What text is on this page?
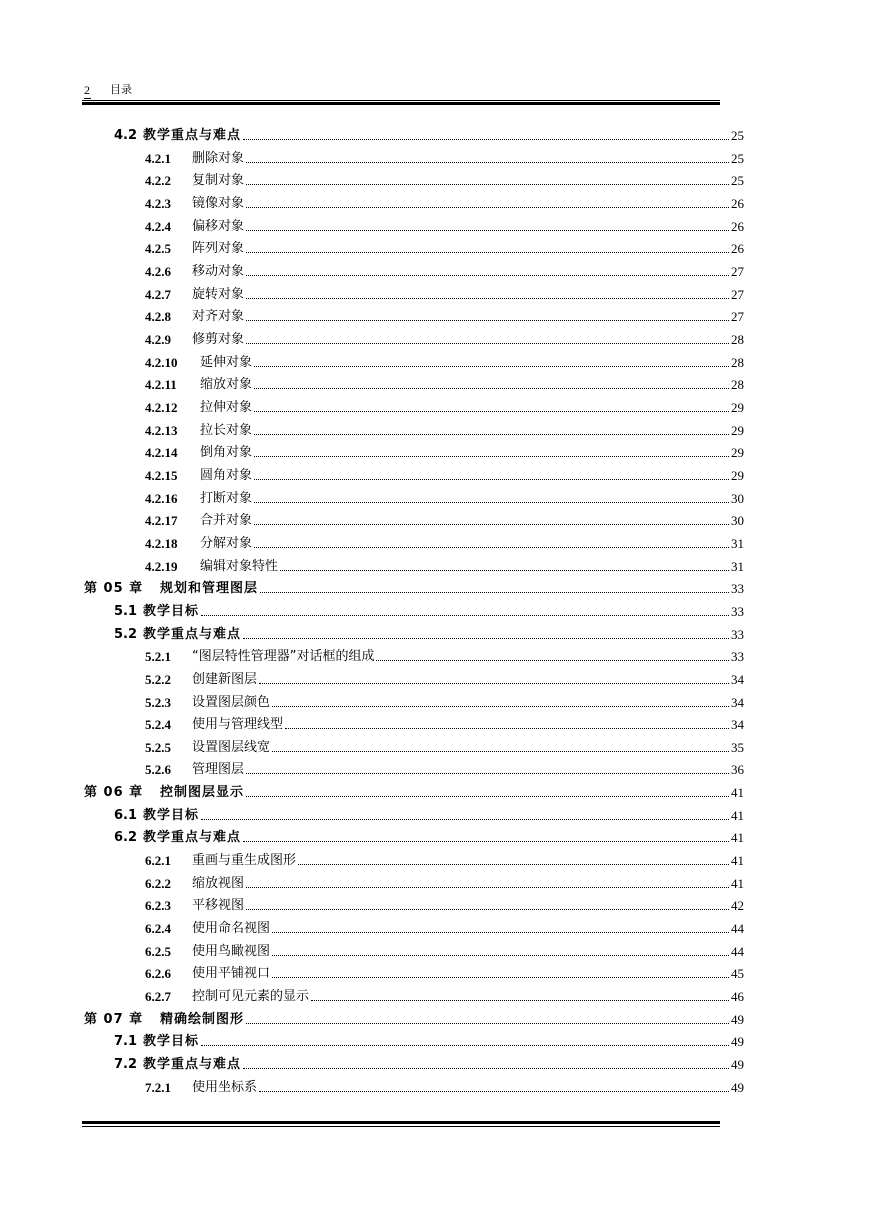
2 目录
4.2 教学重点与难点	25
4.2.1	删除对象	25
4.2.2	复制对象	25
4.2.3	镜像对象	26
4.2.4	偏移对象	26
4.2.5	阵列对象	26
4.2.6	移动对象	27
4.2.7	旋转对象	27
4.2.8	对齐对象	27
4.2.9	修剪对象	28
4.2.10	延伸对象	28
4.2.11	缩放对象	28
4.2.12	拉伸对象	29
4.2.13	拉长对象	29
4.2.14	倒角对象	29
4.2.15	圆角对象	29
4.2.16	打断对象	30
4.2.17	合并对象	30
4.2.18	分解对象	31
4.2.19	编辑对象特性	31
第 05 章	规划和管理图层	33
5.1 教学目标	33
5.2 教学重点与难点	33
5.2.1	“图层特性管理器”对话框的组成	33
5.2.2	创建新图层	34
5.2.3	设置图层颜色	34
5.2.4	使用与管理线型	34
5.2.5	设置图层线宽	35
5.2.6	管理图层	36
第 06 章	控制图层显示	41
6.1 教学目标	41
6.2 教学重点与难点	41
6.2.1	重画与重生成图形	41
6.2.2	缩放视图	41
6.2.3	平移视图	42
6.2.4	使用命名视图	44
6.2.5	使用鸟瞰视图	44
6.2.6	使用平铺视口	45
6.2.7	控制可见元素的显示	46
第 07 章	精确绘制图形	49
7.1 教学目标	49
7.2 教学重点与难点	49
7.2.1	使用坐标系	49
